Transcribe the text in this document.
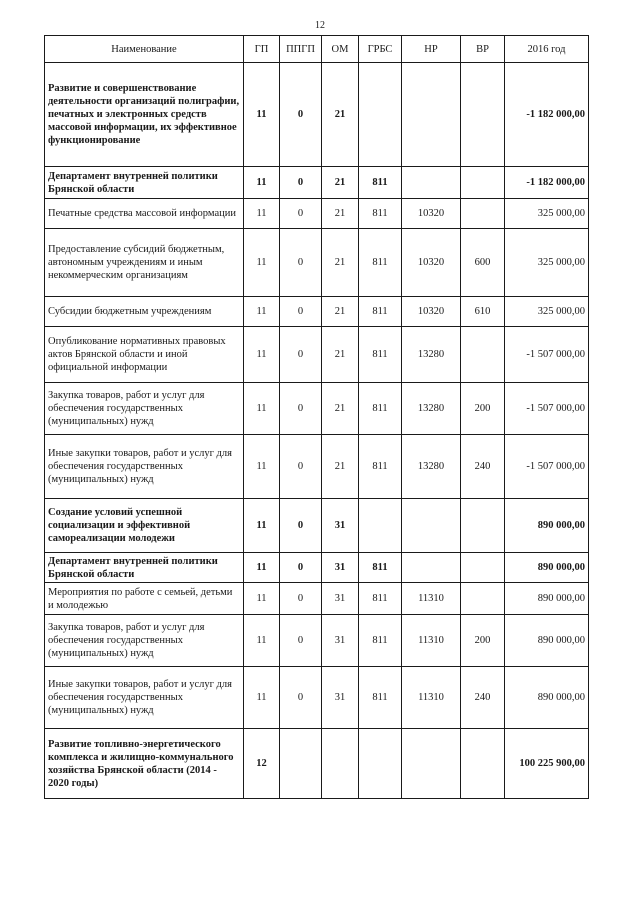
12
Наименование	ГП	ППГП	ОМ	ГРБС	НР	ВР	2016 год
Развитие и совершенствование деятельности организаций полиграфии, печатных и электронных средств массовой информации, их эффективное функционирование	11	0	21				-1 182 000,00
Департамент внутренней политики Брянской области	11	0	21	811			-1 182 000,00
Печатные средства массовой информации	11	0	21	811	10320		325 000,00
Предоставление субсидий бюджетным, автономным учреждениям и иным некоммерческим организациям	11	0	21	811	10320	600	325 000,00
Субсидии бюджетным учреждениям	11	0	21	811	10320	610	325 000,00
Опубликование нормативных правовых актов Брянской области и иной официальной информации	11	0	21	811	13280		-1 507 000,00
Закупка товаров, работ и услуг для обеспечения государственных (муниципальных) нужд	11	0	21	811	13280	200	-1 507 000,00
Иные закупки товаров, работ и услуг для обеспечения государственных (муниципальных) нужд	11	0	21	811	13280	240	-1 507 000,00
Создание условий успешной социализации и эффективной самореализации молодежи	11	0	31				890 000,00
Департамент внутренней политики Брянской области	11	0	31	811			890 000,00
Мероприятия по работе с семьей, детьми и молодежью	11	0	31	811	11310		890 000,00
Закупка товаров, работ и услуг для обеспечения государственных (муниципальных) нужд	11	0	31	811	11310	200	890 000,00
Иные закупки товаров, работ и услуг для обеспечения государственных (муниципальных) нужд	11	0	31	811	11310	240	890 000,00
Развитие топливно-энергетического комплекса и жилищно-коммунального хозяйства Брянской области (2014 - 2020 годы)	12						100 225 900,00
